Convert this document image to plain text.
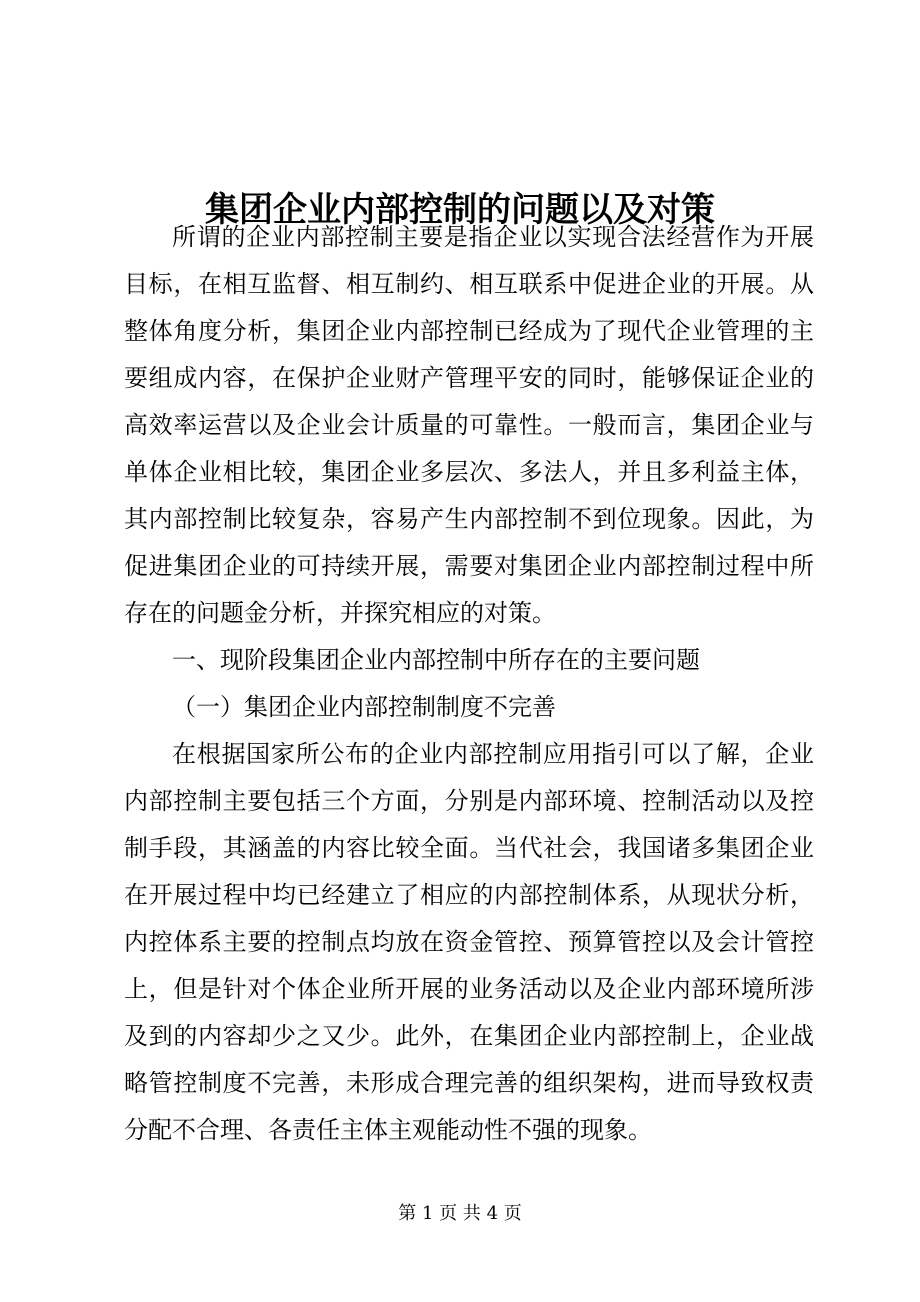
集团企业内部控制的问题以及对策

所谓的企业内部控制主要是指企业以实现合法经营作为开展目标，在相互监督、相互制约、相互联系中促进企业的开展。从整体角度分析，集团企业内部控制已经成为了现代企业管理的主要组成内容，在保护企业财产管理平安的同时，能够保证企业的高效率运营以及企业会计质量的可靠性。一般而言，集团企业与单体企业相比较，集团企业多层次、多法人，并且多利益主体，其内部控制比较复杂，容易产生内部控制不到位现象。因此，为促进集团企业的可持续开展，需要对集团企业内部控制过程中所存在的问题金分析，并探究相应的对策。

一、现阶段集团企业内部控制中所存在的主要问题

（一）集团企业内部控制制度不完善

在根据国家所公布的企业内部控制应用指引可以了解，企业内部控制主要包括三个方面，分别是内部环境、控制活动以及控制手段，其涵盖的内容比较全面。当代社会，我国诸多集团企业在开展过程中均已经建立了相应的内部控制体系，从现状分析，内控体系主要的控制点均放在资金管控、预算管控以及会计管控上，但是针对个体企业所开展的业务活动以及企业内部环境所涉及到的内容却少之又少。此外，在集团企业内部控制上，企业战略管控制度不完善，未形成合理完善的组织架构，进而导致权责分配不合理、各责任主体主观能动性不强的现象。

第 1 页 共 4 页
